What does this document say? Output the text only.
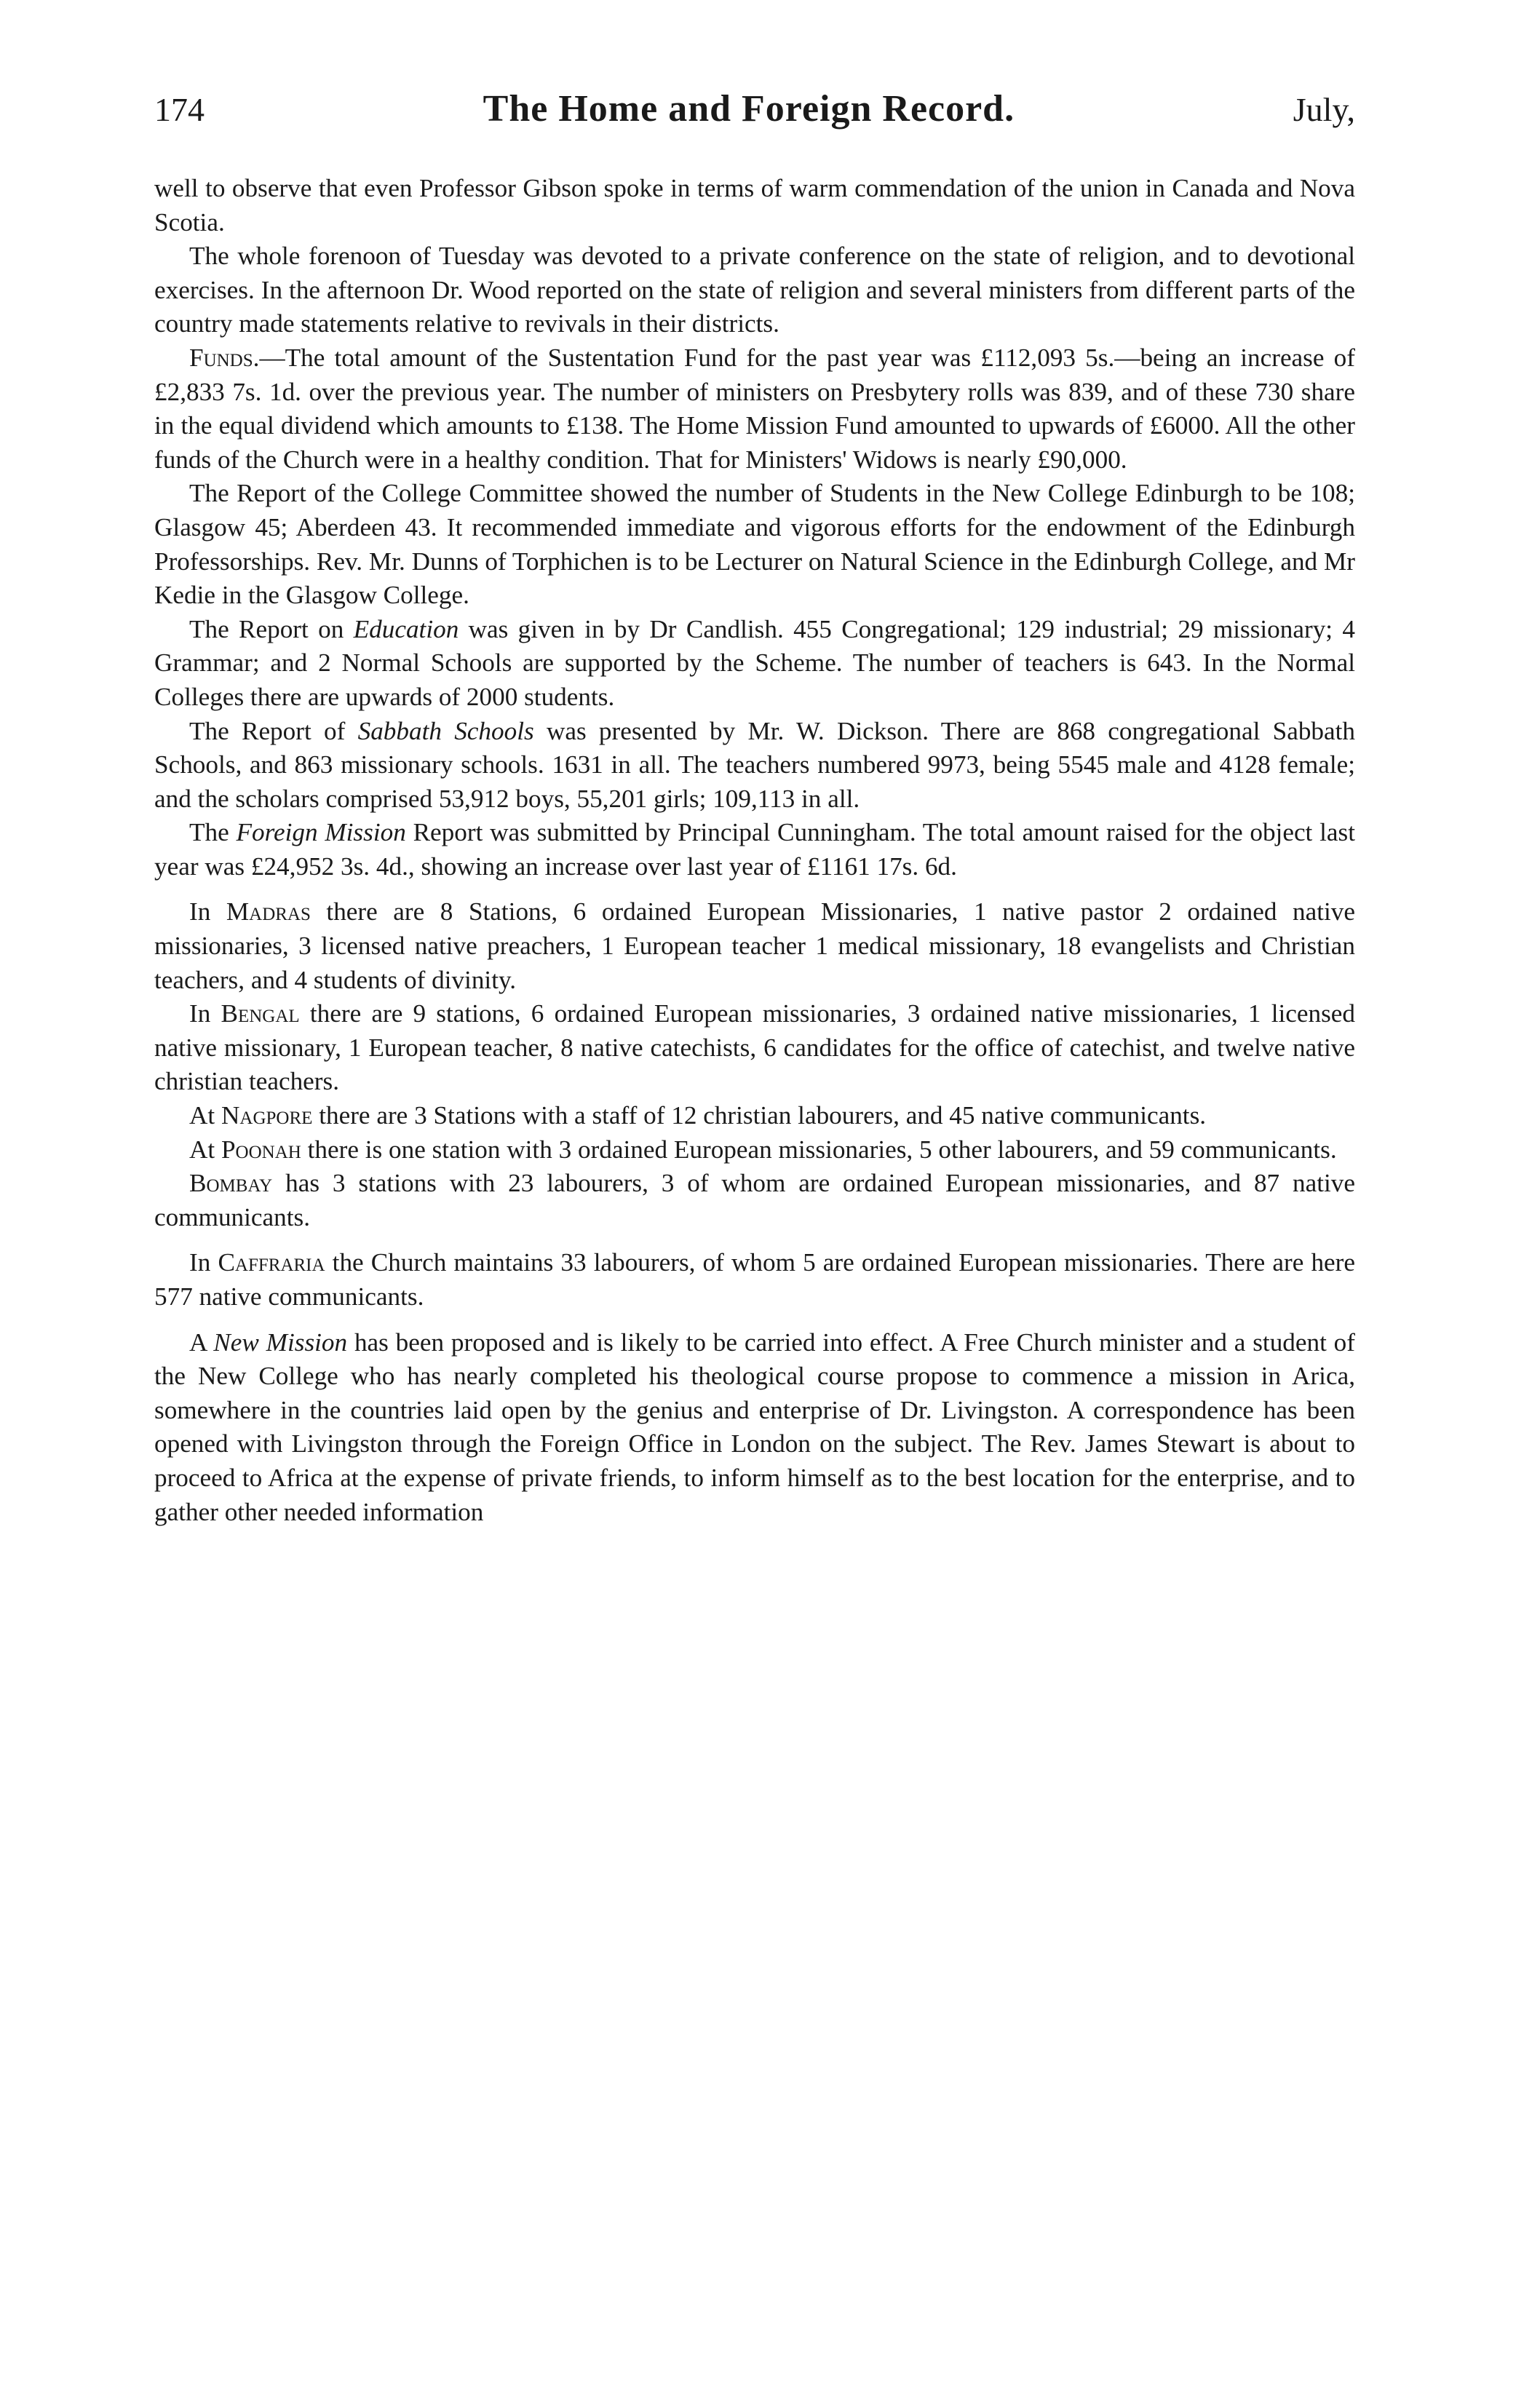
174	The Home and Foreign Record.	July,

well to observe that even Professor Gibson spoke in terms of warm commendation of the union in Canada and Nova Scotia.

The whole forenoon of Tuesday was devoted to a private conference on the state of religion, and to devotional exercises. In the afternoon Dr. Wood reported on the state of religion and several ministers from different parts of the country made statements relative to revivals in their districts.

Funds.—The total amount of the Sustentation Fund for the past year was £112,093 5s.—being an increase of £2,833 7s. 1d. over the previous year. The number of ministers on Presbytery rolls was 839, and of these 730 share in the equal dividend which amounts to £138. The Home Mission Fund amounted to upwards of £6000. All the other funds of the Church were in a healthy condition. That for Ministers' Widows is nearly £90,000.

The Report of the College Committee showed the number of Students in the New College Edinburgh to be 108; Glasgow 45; Aberdeen 43. It recommended immediate and vigorous efforts for the endowment of the Edinburgh Professorships. Rev. Mr. Dunns of Torphichen is to be Lecturer on Natural Science in the Edinburgh College, and Mr Kedie in the Glasgow College.

The Report on Education was given in by Dr Candlish. 455 Congregational; 129 industrial; 29 missionary; 4 Grammar; and 2 Normal Schools are supported by the Scheme. The number of teachers is 643. In the Normal Colleges there are upwards of 2000 students.

The Report of Sabbath Schools was presented by Mr. W. Dickson. There are 868 congregational Sabbath Schools, and 863 missionary schools. 1631 in all. The teachers numbered 9973, being 5545 male and 4128 female; and the scholars comprised 53,912 boys, 55,201 girls; 109,113 in all.

The Foreign Mission Report was submitted by Principal Cunningham. The total amount raised for the object last year was £24,952 3s. 4d., showing an increase over last year of £1161 17s. 6d.

In Madras there are 8 Stations, 6 ordained European Missionaries, 1 native pastor 2 ordained native missionaries, 3 licensed native preachers, 1 European teacher 1 medical missionary, 18 evangelists and Christian teachers, and 4 students of divinity.

In Bengal there are 9 stations, 6 ordained European missionaries, 3 ordained native missionaries, 1 licensed native missionary, 1 European teacher, 8 native catechists, 6 candidates for the office of catechist, and twelve native christian teachers.

At Nagpore there are 3 Stations with a staff of 12 christian labourers, and 45 native communicants.

At Poonah there is one station with 3 ordained European missionaries, 5 other labourers, and 59 communicants.

Bombay has 3 stations with 23 labourers, 3 of whom are ordained European missionaries, and 87 native communicants.

In Caffraria the Church maintains 33 labourers, of whom 5 are ordained European missionaries. There are here 577 native communicants.

A New Mission has been proposed and is likely to be carried into effect. A Free Church minister and a student of the New College who has nearly completed his theological course propose to commence a mission in Arica, somewhere in the countries laid open by the genius and enterprise of Dr. Livingston. A correspondence has been opened with Livingston through the Foreign Office in London on the subject. The Rev. James Stewart is about to proceed to Africa at the expense of private friends, to inform himself as to the best location for the enterprise, and to gather other needed information
